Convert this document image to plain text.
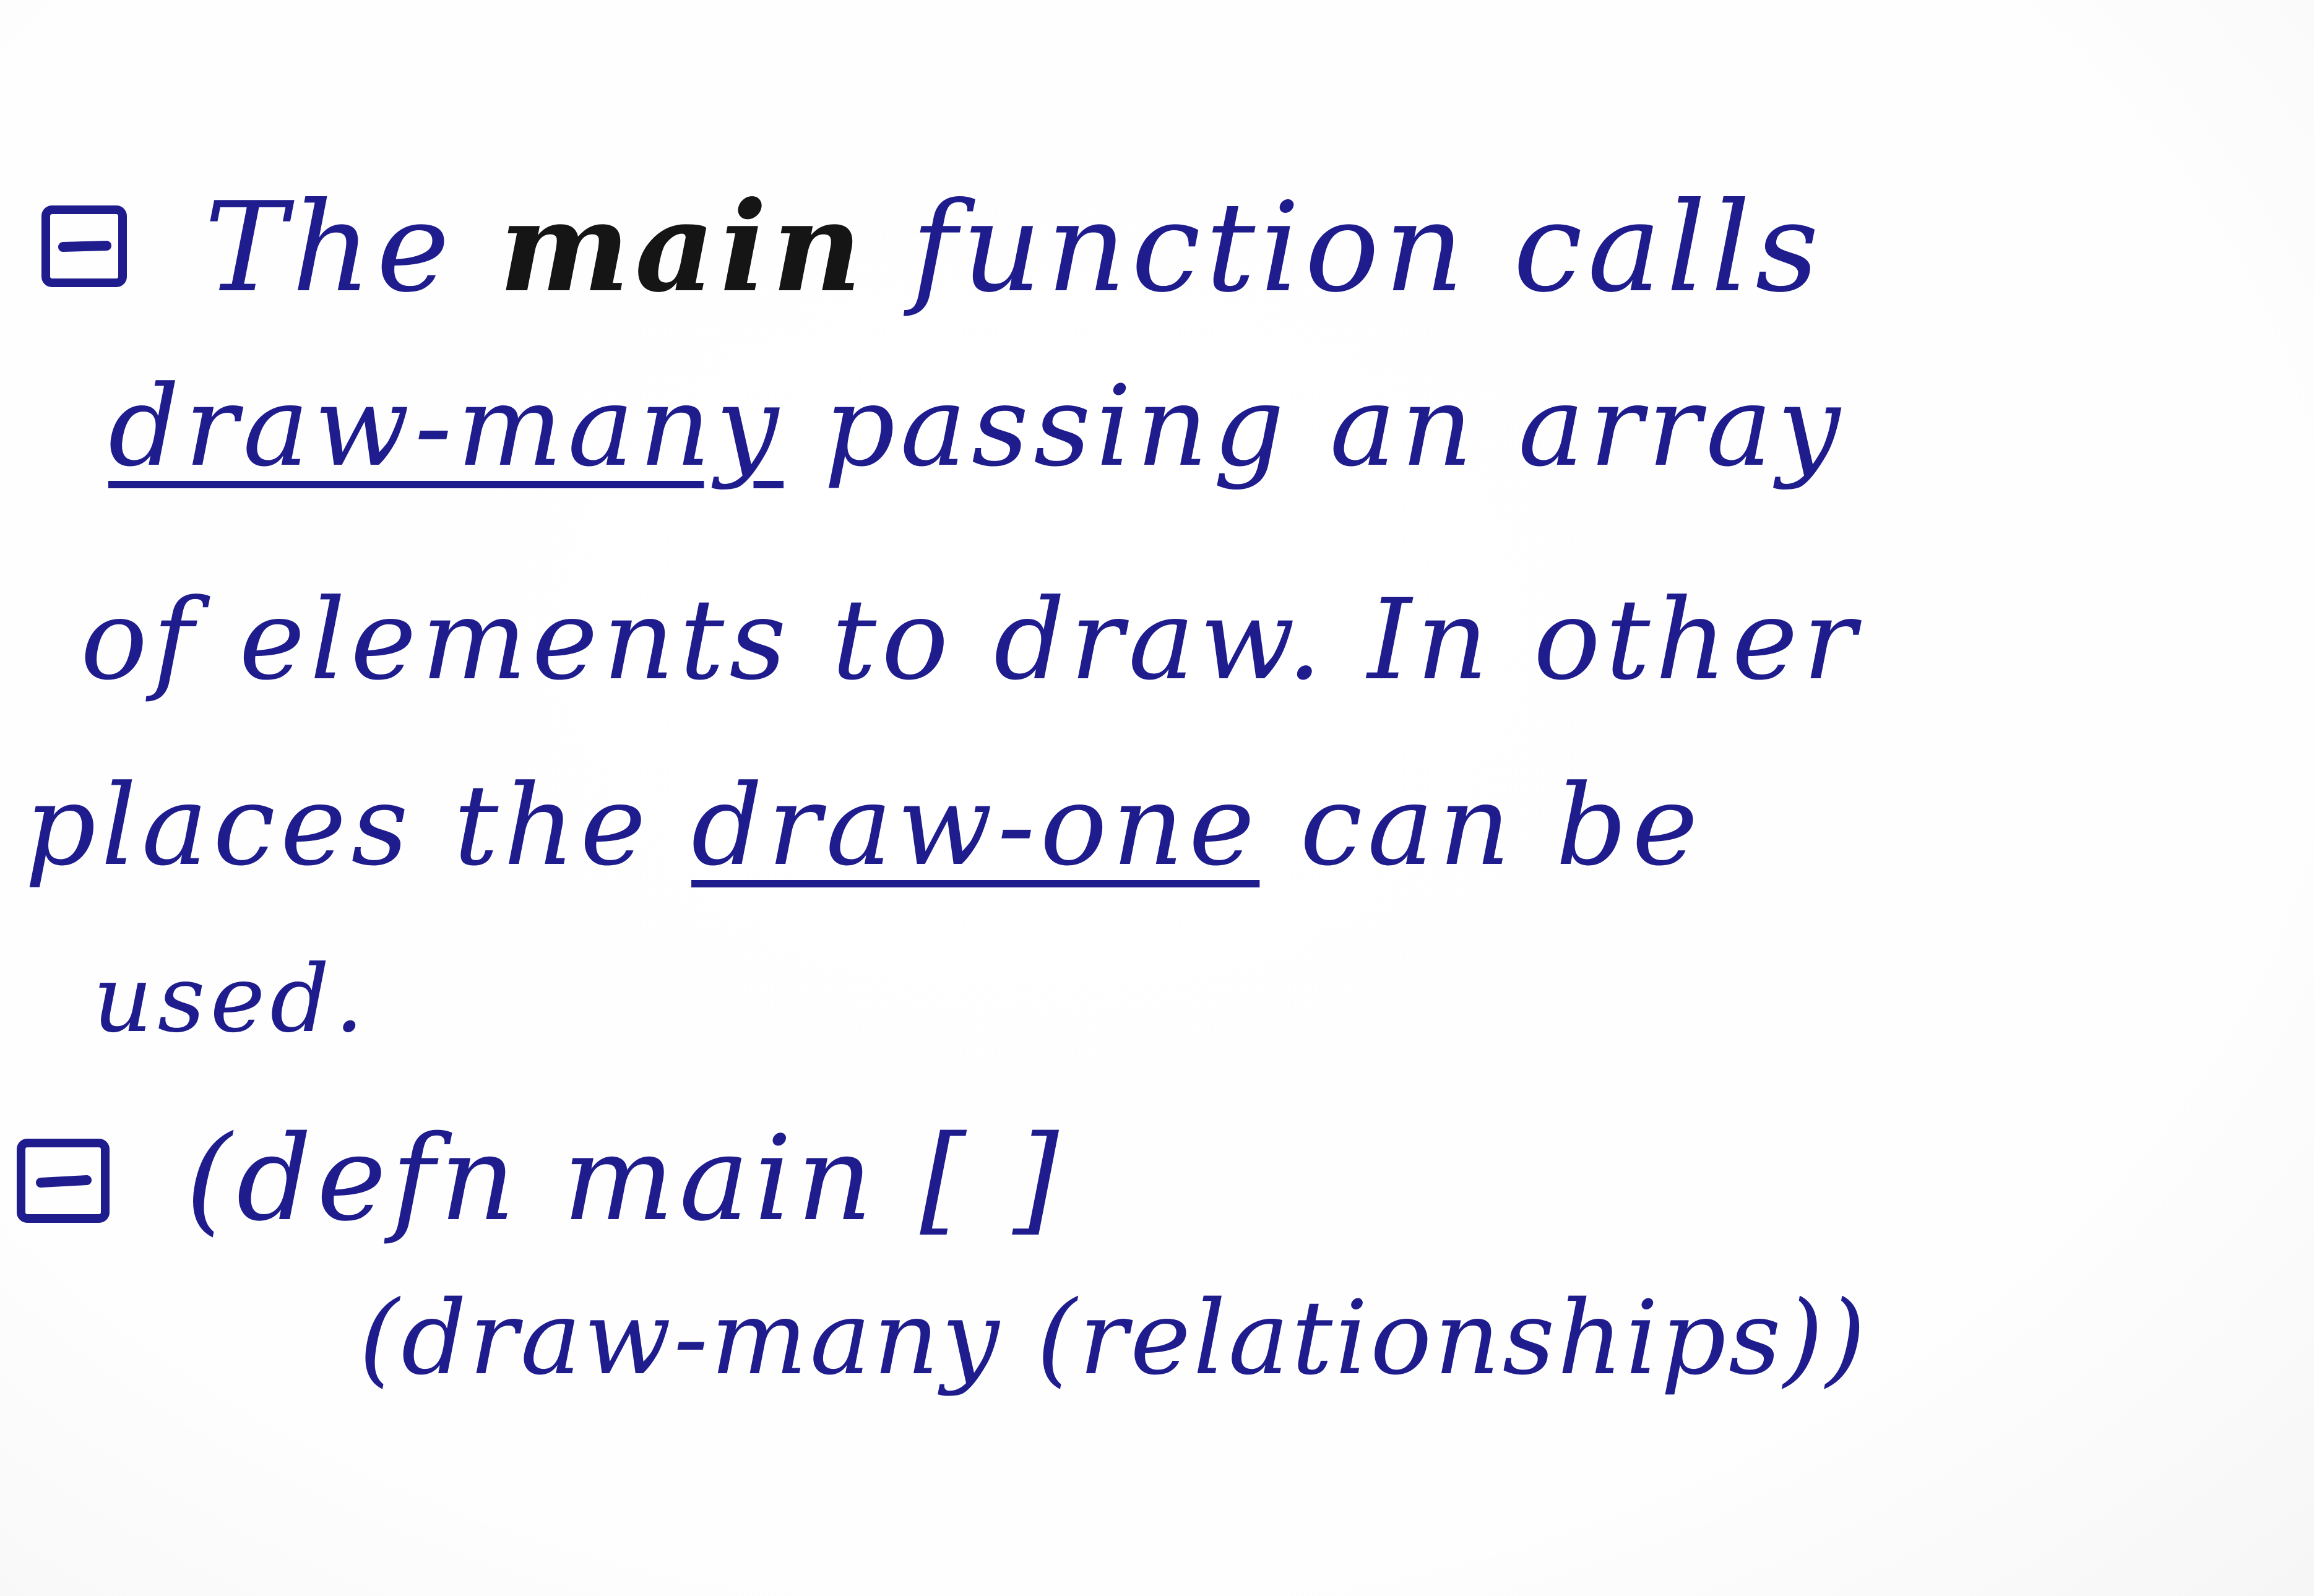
The main function calls
draw-many passing an array
of elements to draw. In other
places the draw-one can be
used.
(defn main [ ]
(draw-many (relationships))
